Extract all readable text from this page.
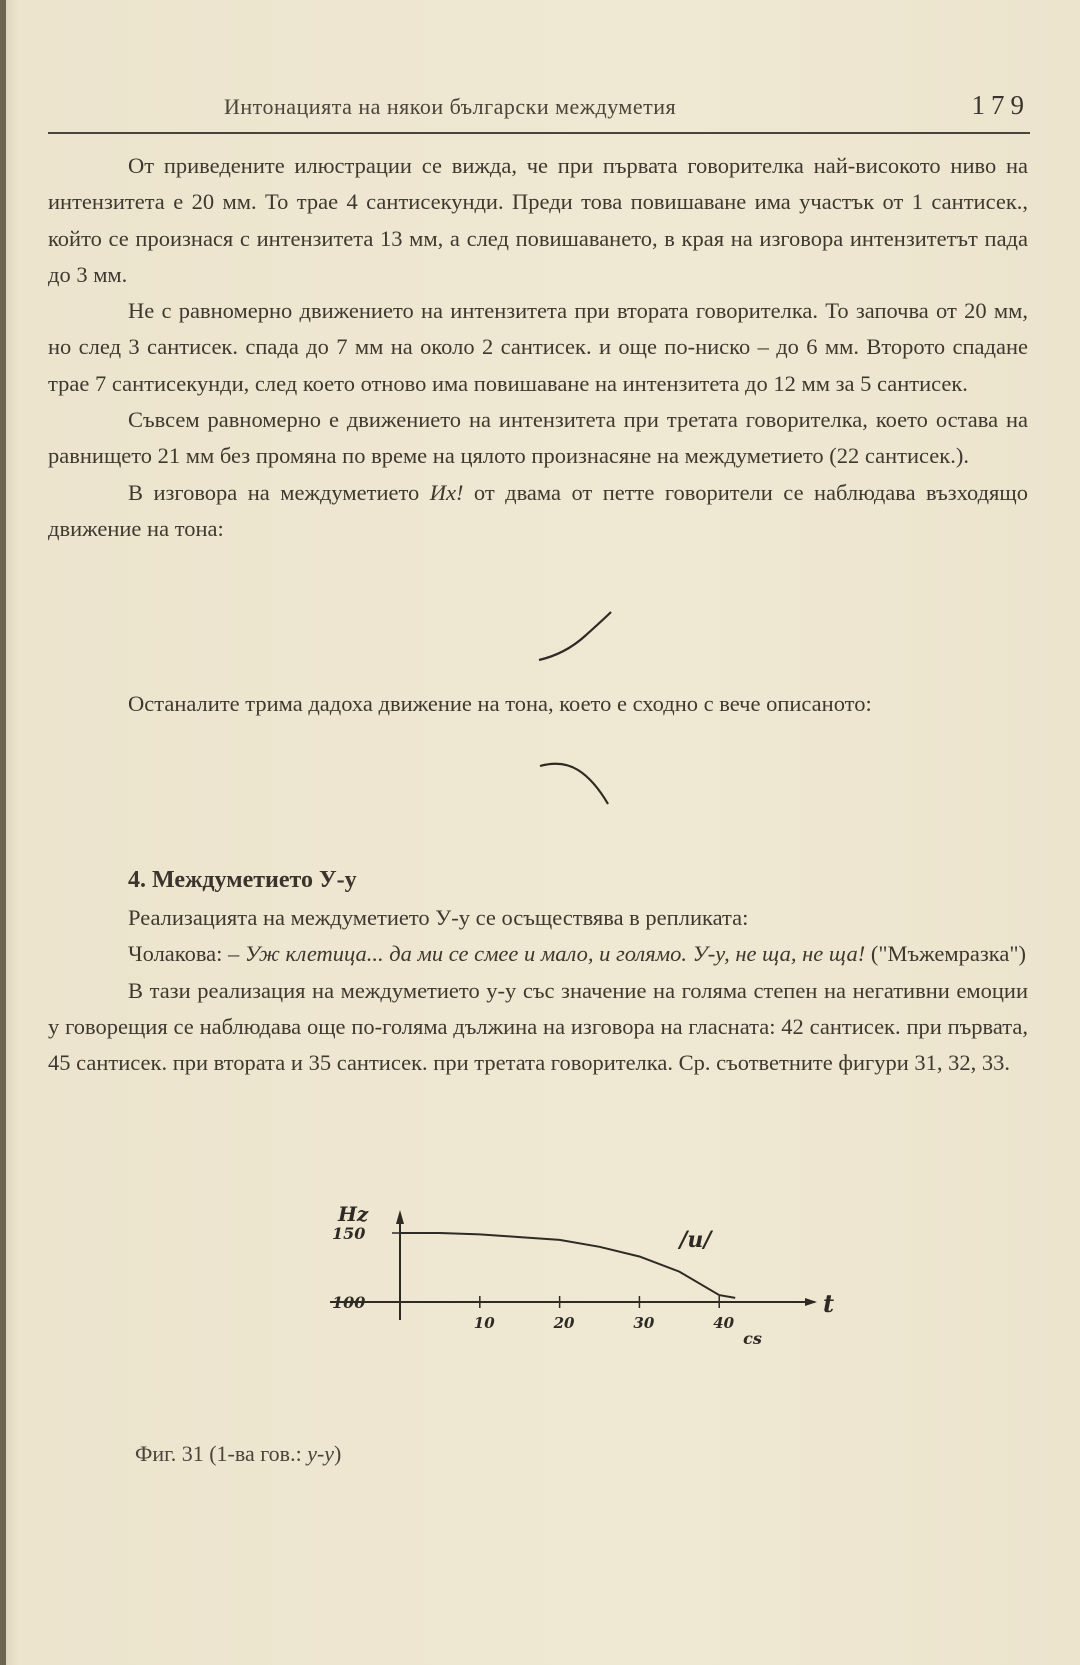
Интонацията на някои български междуметия	179

От приведените илюстрации се вижда, че при първата говорителка най-високото ниво на интензитета е 20 мм. То трае 4 сантисекунди. Преди това повишаване има участък от 1 сантисек., който се произнася с интензитета 13 мм, а след повишаването, в края на изговора интензитетът пада до 3 мм.

Не с равномерно движението на интензитета при втората говорителка. То започва от 20 мм, но след 3 сантисек. спада до 7 мм на около 2 сантисек. и още по-ниско – до 6 мм. Второто спадане трае 7 сантисекунди, след което отново има повишаване на интензитета до 12 мм за 5 сантисек.

Съвсем равномерно е движението на интензитета при третата говорителка, което остава на равнището 21 мм без промяна по време на цялото произнасяне на междуметието (22 сантисек.).

В изговора на междуметието Их! от двама от петте говорители се наблюдава възходящо движение на тона:

Останалите трима дадоха движение на тона, което е сходно с вече описаното:

4. Междуметието У-у

Реализацията на междуметието У-у се осъществява в репликата:

Чолакова: – Уж клетица... да ми се смее и мало, и голямо. У-у, не ща, не ща! ("Мъжемразка")

В тази реализация на междуметието у-у със значение на голяма степен на негативни емоции у говорещия се наблюдава още по-голяма дължина на изговора на гласната: 42 сантисек. при първата, 45 сантисек. при втората и 35 сантисек. при третата говорителка. Ср. съответните фигури 31, 32, 33.

Hz
100
150
10	20	30	40
t
cs
/u/
Фиг. 31 (1-ва гов.: у-у)
